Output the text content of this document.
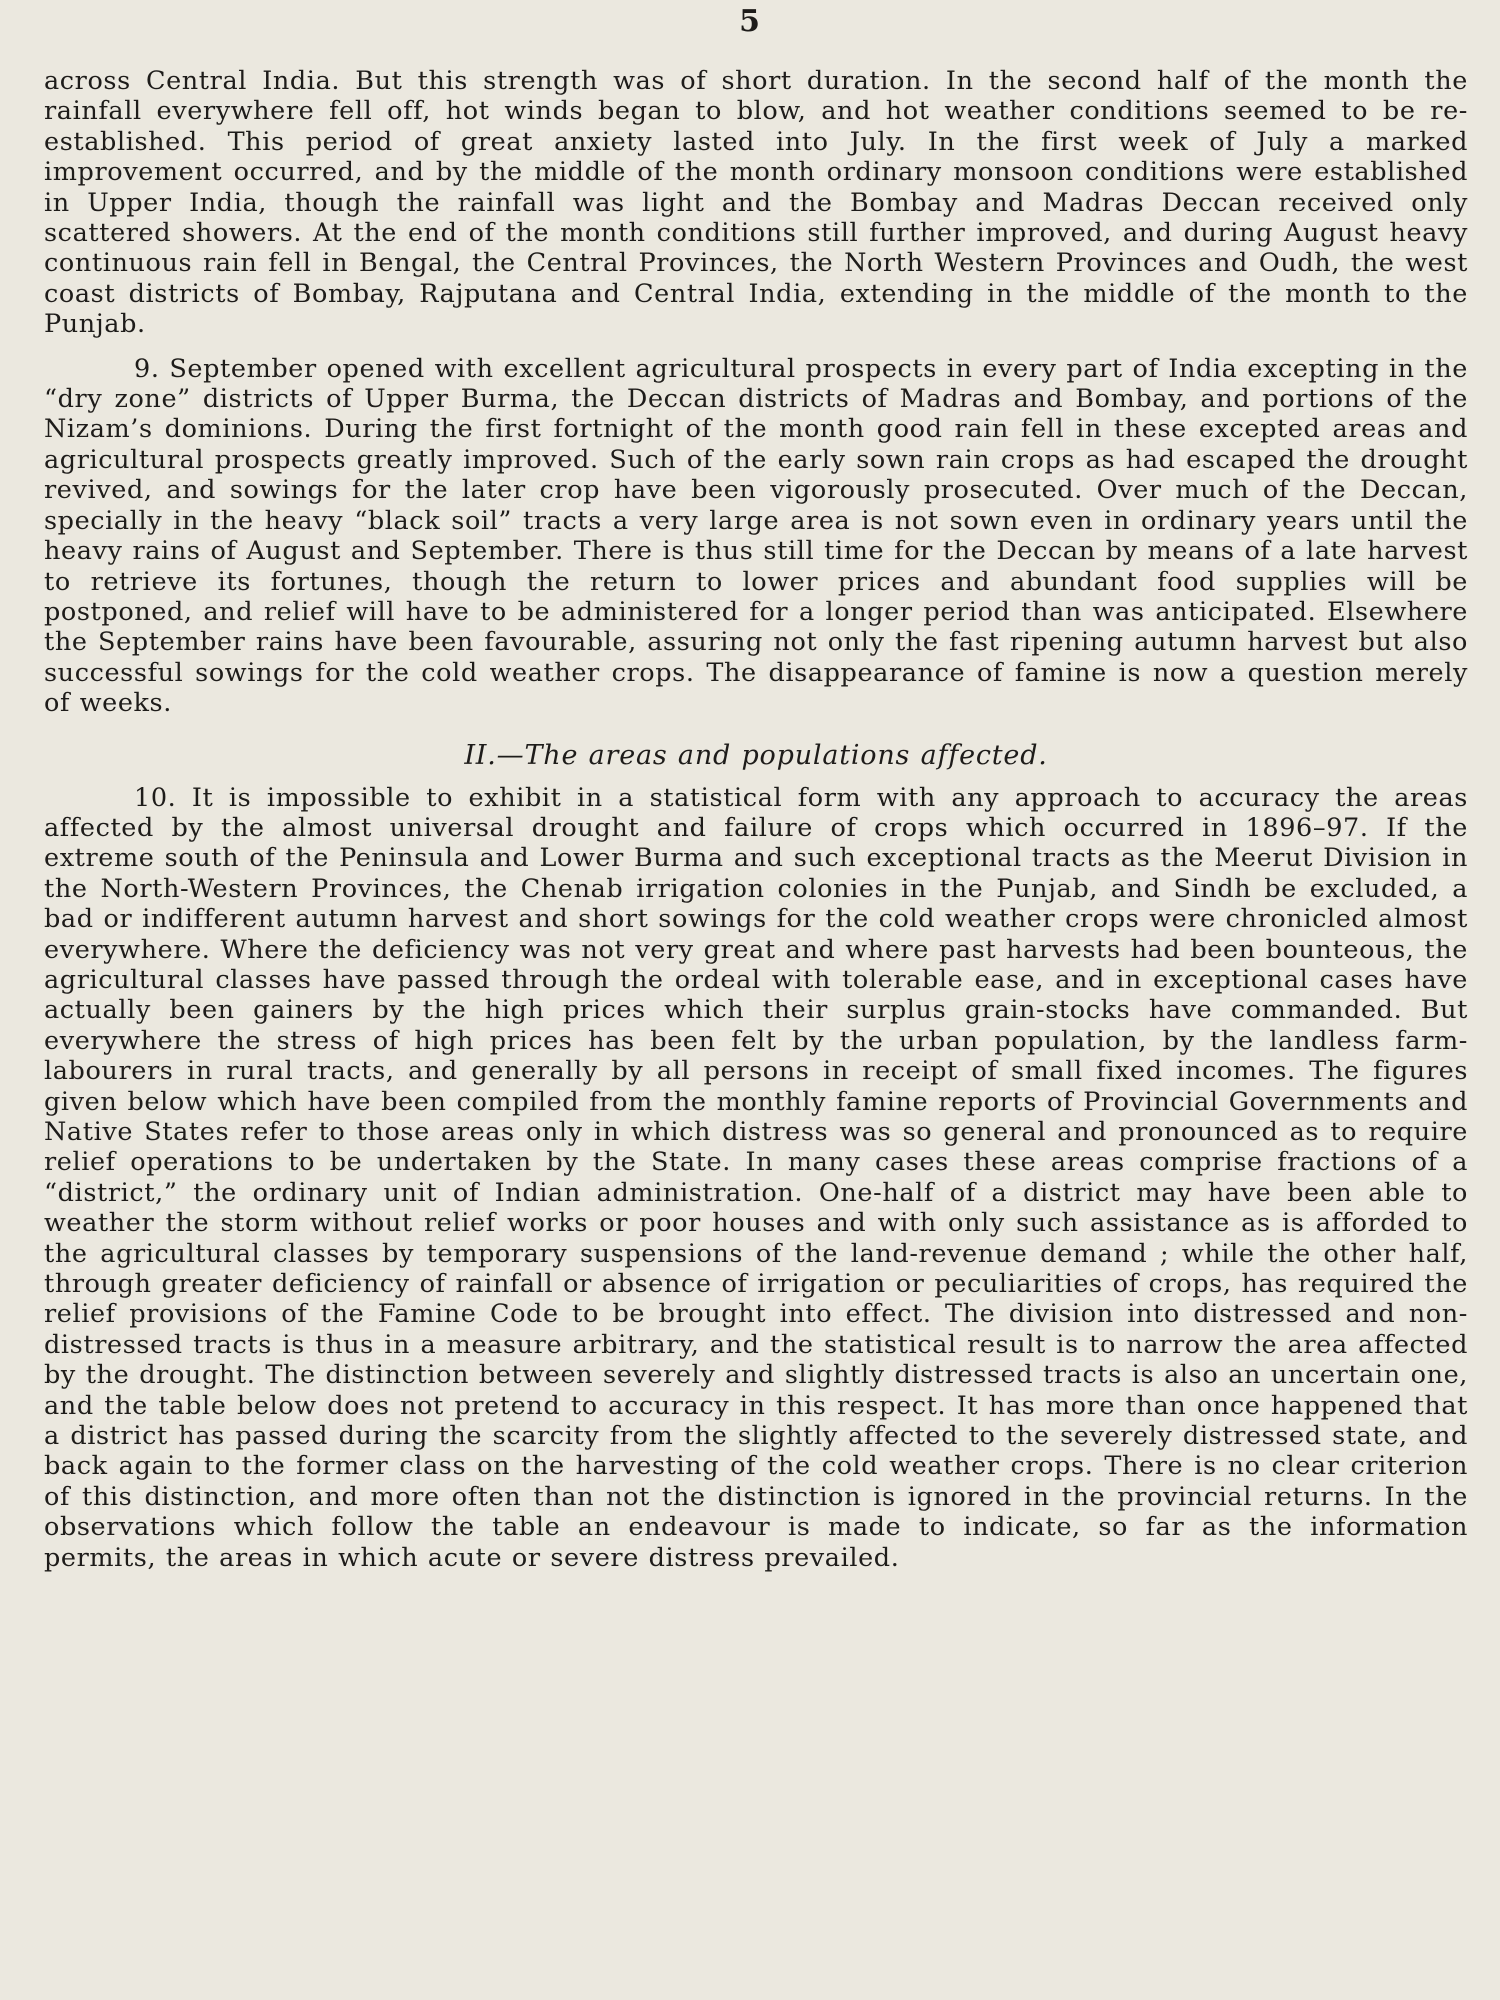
5

across Central India. But this strength was of short duration. In the second half of the month the rainfall everywhere fell off, hot winds began to blow, and hot weather conditions seemed to be re-established. This period of great anxiety lasted into July. In the first week of July a marked improvement occurred, and by the middle of the month ordinary monsoon conditions were established in Upper India, though the rainfall was light and the Bombay and Madras Deccan received only scattered showers. At the end of the month conditions still further improved, and during August heavy continuous rain fell in Bengal, the Central Provinces, the North Western Provinces and Oudh, the west coast districts of Bombay, Rajputana and Central India, extending in the middle of the month to the Punjab.

9. September opened with excellent agricultural prospects in every part of India excepting in the “dry zone” districts of Upper Burma, the Deccan districts of Madras and Bombay, and portions of the Nizam’s dominions. During the first fortnight of the month good rain fell in these excepted areas and agricultural prospects greatly improved. Such of the early sown rain crops as had escaped the drought revived, and sowings for the later crop have been vigorously prosecuted. Over much of the Deccan, specially in the heavy “black soil” tracts a very large area is not sown even in ordinary years until the heavy rains of August and September. There is thus still time for the Deccan by means of a late harvest to retrieve its fortunes, though the return to lower prices and abundant food supplies will be postponed, and relief will have to be administered for a longer period than was anticipated. Elsewhere the September rains have been favourable, assuring not only the fast ripening autumn harvest but also successful sowings for the cold weather crops. The disappearance of famine is now a question merely of weeks.

II.—The areas and populations affected.

10. It is impossible to exhibit in a statistical form with any approach to accuracy the areas affected by the almost universal drought and failure of crops which occurred in 1896–97. If the extreme south of the Peninsula and Lower Burma and such exceptional tracts as the Meerut Division in the North-Western Provinces, the Chenab irrigation colonies in the Punjab, and Sindh be excluded, a bad or indifferent autumn harvest and short sowings for the cold weather crops were chronicled almost everywhere. Where the deficiency was not very great and where past harvests had been bounteous, the agricultural classes have passed through the ordeal with tolerable ease, and in exceptional cases have actually been gainers by the high prices which their surplus grain-stocks have commanded. But everywhere the stress of high prices has been felt by the urban population, by the landless farm-labourers in rural tracts, and generally by all persons in receipt of small fixed incomes. The figures given below which have been compiled from the monthly famine reports of Provincial Governments and Native States refer to those areas only in which distress was so general and pronounced as to require relief operations to be undertaken by the State. In many cases these areas comprise fractions of a “district,” the ordinary unit of Indian administration. One-half of a district may have been able to weather the storm without relief works or poor houses and with only such assistance as is afforded to the agricultural classes by temporary suspensions of the land-revenue demand ; while the other half, through greater deficiency of rainfall or absence of irrigation or peculiarities of crops, has required the relief provisions of the Famine Code to be brought into effect. The division into distressed and non-distressed tracts is thus in a measure arbitrary, and the statistical result is to narrow the area affected by the drought. The distinction between severely and slightly distressed tracts is also an uncertain one, and the table below does not pretend to accuracy in this respect. It has more than once happened that a district has passed during the scarcity from the slightly affected to the severely distressed state, and back again to the former class on the harvesting of the cold weather crops. There is no clear criterion of this distinction, and more often than not the distinction is ignored in the provincial returns. In the observations which follow the table an endeavour is made to indicate, so far as the information permits, the areas in which acute or severe distress prevailed.
